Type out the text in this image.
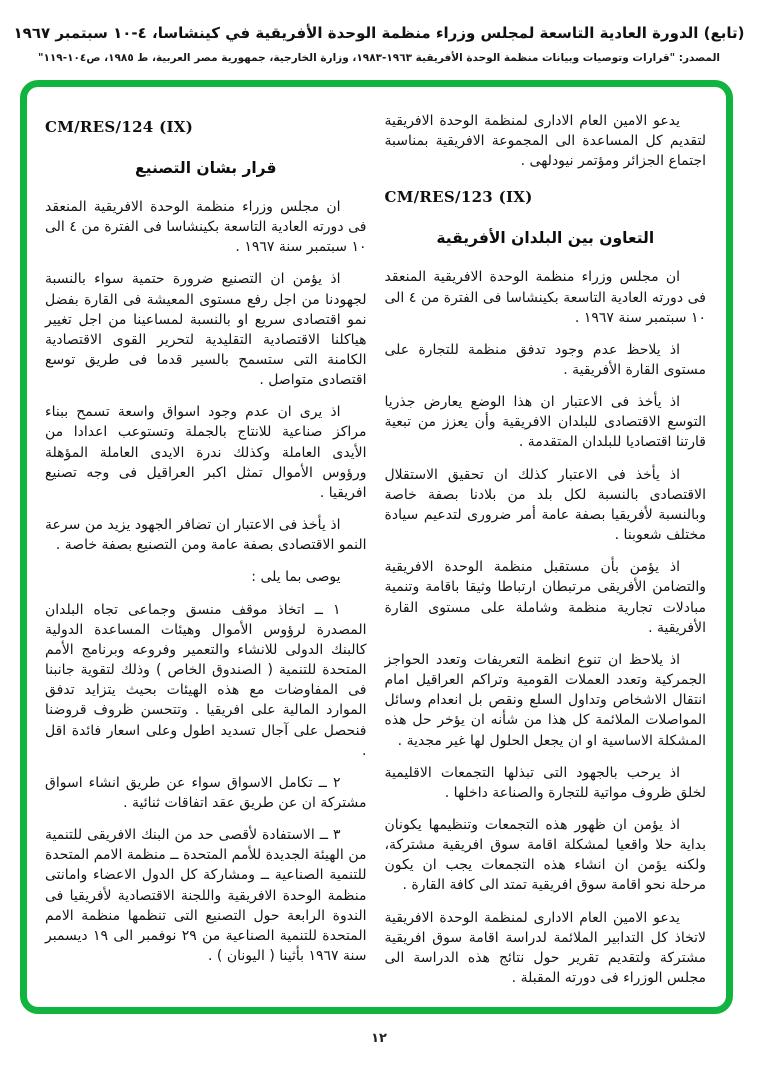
(تابع) الدورة العادية التاسعة لمجلس وزراء منظمة الوحدة الأفريقية في كينشاسا، ٤-١٠ سبتمبر ١٩٦٧
المصدر: "قرارات وتوصيات وبيانات منظمة الوحدة الأفريقية ١٩٦٣-١٩٨٣، وزارة الخارجية، جمهورية مصر العربية، ط ١٩٨٥، ص١٠٤-١١٩"

يدعو الامين العام الادارى لمنظمة الوحدة الافريقية لتقديم كل المساعدة الى المجموعة الافريقية بمناسبة اجتماع الجزائر ومؤتمر نيودلهى .

CM/RES/123 (IX)
التعاون بين البلدان الأفريقية

ان مجلس وزراء منظمة الوحدة الافريقية المنعقد فى دورته العادية التاسعة بكينشاسا فى الفترة من ٤ الى ١٠ سبتمبر سنة ١٩٦٧ .

اذ يلاحظ عدم وجود تدفق منظمة للتجارة على مستوى القارة الأفريقية .

اذ يأخذ فى الاعتبار ان هذا الوضع يعارض جذريا التوسع الاقتصادى للبلدان الافريقية وأن يعزز من تبعية قارتنا اقتصاديا للبلدان المتقدمة .

اذ يأخذ فى الاعتبار كذلك ان تحقيق الاستقلال الاقتصادى بالنسبة لكل بلد من بلادنا بصفة خاصة وبالنسبة لأفريقيا بصفة عامة أمر ضرورى لتدعيم سيادة مختلف شعوبنا .

اذ يؤمن بأن مستقبل منظمة الوحدة الافريقية والتضامن الأفريقى مرتبطان ارتباطا وثيقا باقامة وتنمية مبادلات تجارية منظمة وشاملة على مستوى القارة الأفريقية .

اذ يلاحظ ان تنوع انظمة التعريفات وتعدد الحواجز الجمركية وتعدد العملات القومية وتراكم العراقيل امام انتقال الاشخاص وتداول السلع ونقص بل انعدام وسائل المواصلات الملائمة كل هذا من شأنه ان يؤخر حل هذه المشكلة الاساسية او ان يجعل الحلول لها غير مجدية .

اذ يرحب بالجهود التى تبذلها التجمعات الاقليمية لخلق ظروف مواتية للتجارة والصناعة داخلها .

اذ يؤمن ان ظهور هذه التجمعات وتنظيمها يكونان بداية حلا واقعيا لمشكلة اقامة سوق افريقية مشتركة، ولكنه يؤمن ان انشاء هذه التجمعات يجب ان يكون مرحلة نحو اقامة سوق افريقية تمتد الى كافة القارة .

يدعو الامين العام الادارى لمنظمة الوحدة الافريقية لاتخاذ كل التدابير الملائمة لدراسة اقامة سوق افريقية مشتركة ولتقديم تقرير حول نتائج هذه الدراسة الى مجلس الوزراء فى دورته المقبلة .

CM/RES/124 (IX)
قرار بشان التصنيع

ان مجلس وزراء منظمة الوحدة الافريقية المنعقد فى دورته العادية التاسعة بكينشاسا فى الفترة من ٤ الى ١٠ سبتمبر سنة ١٩٦٧ .

اذ يؤمن ان التصنيع ضرورة حتمية سواء بالنسبة لجهودنا من اجل رفع مستوى المعيشة فى القارة بفضل نمو اقتصادى سريع او بالنسبة لمساعينا من اجل تغيير هياكلنا الاقتصادية التقليدية لتحرير القوى الاقتصادية الكامنة التى ستسمح بالسير قدما فى طريق توسع اقتصادى متواصل .

اذ يرى ان عدم وجود اسواق واسعة تسمح ببناء مراكز صناعية للانتاج بالجملة وتستوعب اعدادا من الأيدى العاملة وكذلك ندرة الايدى العاملة المؤهلة ورؤوس الأموال تمثل اكبر العراقيل فى وجه تصنيع افريقيا .

اذ يأخذ فى الاعتبار ان تضافر الجهود يزيد من سرعة النمو الاقتصادى بصفة عامة ومن التصنيع بصفة خاصة .

يوصى بما يلى :

١ ــ اتخاذ موقف منسق وجماعى تجاه البلدان المصدرة لرؤوس الأموال وهيئات المساعدة الدولية كالبنك الدولى للانشاء والتعمير وفروعه وبرنامج الأمم المتحدة للتنمية ( الصندوق الخاص ) وذلك لتقوية جانبنا فى المفاوضات مع هذه الهيئات بحيث يتزايد تدفق الموارد المالية على افريقيا . وتتحسن ظروف قروضنا فنحصل على آجال تسديد اطول وعلى اسعار فائدة اقل .

٢ ــ تكامل الاسواق سواء عن طريق انشاء اسواق مشتركة ان عن طريق عقد اتفاقات ثنائية .

٣ ــ الاستفادة لأقصى حد من البنك الافريقى للتنمية من الهيئة الجديدة للأمم المتحدة ــ منظمة الامم المتحدة للتنمية الصناعية ــ ومشاركة كل الدول الاعضاء وامانتى منظمة الوحدة الافريقية واللجنة الاقتصادية لأفريقيا فى الندوة الرابعة حول التصنيع التى تنظمها منظمة الامم المتحدة للتنمية الصناعية من ٢٩ نوفمبر الى ١٩ ديسمبر سنة ١٩٦٧ بأثينا ( اليونان ) .

١٢
